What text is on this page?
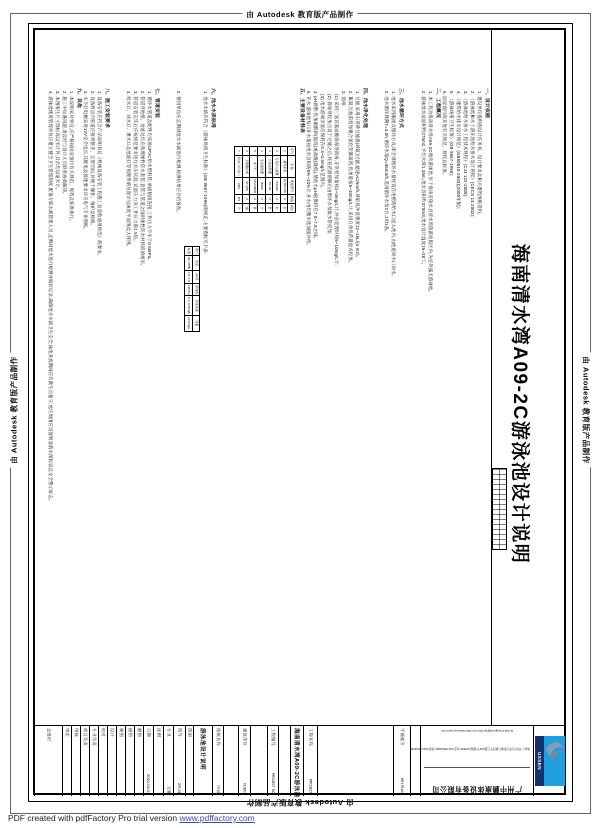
由 Autodesk 教育版产品制作
由 Autodesk 教育版产品制作
由 Autodesk 教育版产品制作	由 Autodesk 教育版产品制作
一、设计依据
1. 建设单位提供的设计任务书、设计要求及相关建筑图纸资料。
2. 《游泳池和水上游乐池给水排水设计规程》(CECS 14:2002);
3. 《游泳池给水排水工程技术规程》(CJJ 122-2008);
4. 《建筑给水排水设计规范》(GB50015-2003)(2009年版);
5. 《游泳场所卫生标准》(GB 9667-1996);
6. 国家现行的其他有关规范、规程及标准。
二、工程概况
1. 本工程为海南清水湾A09-2C地块游泳池,位于海南省陵水县清水湾旅游度假区内,为室外露天游泳池。
2. 游泳池水面面积约275m2,平均水深1.35m,池水容积约370m3,池水设计温度26~28℃。
三、池水循环方式
1. 池水采用顺流式循环方式,即全部循环水量经设在池壁的给水口送入池内,由池底回水口回水。
2. 池水循环周期T=4.0h,循环水量Q=95m3/h,选用循环水泵2台,1用1备。
四、池水净化处理
1. 过滤:采用石英砂过滤器(砂缸)过滤,滤速v≤25m/h,砂缸反冲洗强度12~15L/(s·m2)。
2. 絮凝:过滤前投加聚合氯化铝絮凝剂,投加量按5~10mg/L计,采用自动投药器湿式投加。
3. 消毒:
(1) 采用三氯异氰尿酸消毒剂消毒,正常投加量按2~3mg/L计,冲击处理时按8~10mg/L计;
(2) 消毒剂投加点设于过滤之后,经投药器溶解后由循环水泵吸水管投加;
(3) 池水游离余氯应保持在0.3~0.5mg/L范围内。
4. pH调整:投加碳酸钠(提高)或盐酸(降低),使池水pH值保持在7.0~7.8之间。
5. 补水:游泳池每日补水量按池水容积的5%~10%计,补水由均衡水池间接补给。
五、主要设备材料表
序号	名 称	规格型号	数量	单位
1	循环水泵	Q=50m3/h	2	台
2	石英砂过滤器	Φ1200	2	台
3	自动投药器	CL-30	2	套
4	毛发聚集器	Φ300	2	个
5	水下灯	12V/300W	6	套
6	不锈钢扶梯	SF-215	2	副
7	给水口/回水口	ABS	8/4	个
六、池水水质标准
1. 池水水质应符合《游泳场所卫生标准》(GB 9667-1996)的规定,主要指标见下表:
项目	水温	pH值	浑浊度	游离余氯	尿素
标准	26~28℃	7.0~7.8	≤1NTU	0.3~0.5mg/L	≤3.5mg/L
2. 使用单位应定期对池水水质进行检测,检测结果应存档备查。
七、管道安装
1. 循环水管道及配件均采用UPVC给水塑料管,承插粘接连接,工作压力不小于0.6MPa。
2. 管道穿池壁、池底处均应预埋刚性防水套管,套管与管道之间用柔性防水材料嵌填密实。
3. 管道安装完毕后应按规范要求进行水压试验,试验压力为工作压力的1.5倍。
4. 给水口、回水口、泄水口及池底灯等预埋件的位置详见泳池平面图及大样图。
八、施工安装要求
1. 设备安装应符合产品说明书及《机械设备安装工程施工及验收通用规范》的要求。
2. 设备机房内管道应排列整齐、支架牢固,并便于操作、维护及检修。
3. 水下灯电源采用12V安全电压,其配电及接地要求详见电气专业图纸。
九、其他
1. 本说明未尽事宜,应严格按国家现行有关规范、规程及标准执行。
2. 施工中如遇问题,请及时与设计人员联系协商解决。
3. 本图所注尺寸除标高以米计外,其余均以毫米计。
4. 游泳池使用管理单位应建立健全卫生管理制度,配备专职水质管理人员,定期对池水进行检测并做好记录,确保池水水质卫生安全;泳池开放期间应有救生员值守,池区周围应设置明显的水深标识及安全警示标志。	海南清水湾A09-2C游泳池设计说明
广州中鹏康体设备有限公司
地址:广州市天河区黄埔大道西平云路163号 邮编:510656 电话:020-85516696 传真:020-85516909
E-mail:zhongpeng@vip.163.com Http://www.zp-sport.com
USSEN
会签栏	审定 审核 项目负责 专业负责 校对 设计 制图 描图 晒图 日期
2010-04-03
比例 专业
方案
图号
ZP-01
图别 游泳池设计说明	图纸名称
TITLE
建设单位
CLIENT
工程编号
PROJECT NO.	海南清水湾A09-2C游泳池	工程名称
PROJECT
平面索引
KEY PLAN
PDF created with pdfFactory Pro trial version www.pdffactory.com
